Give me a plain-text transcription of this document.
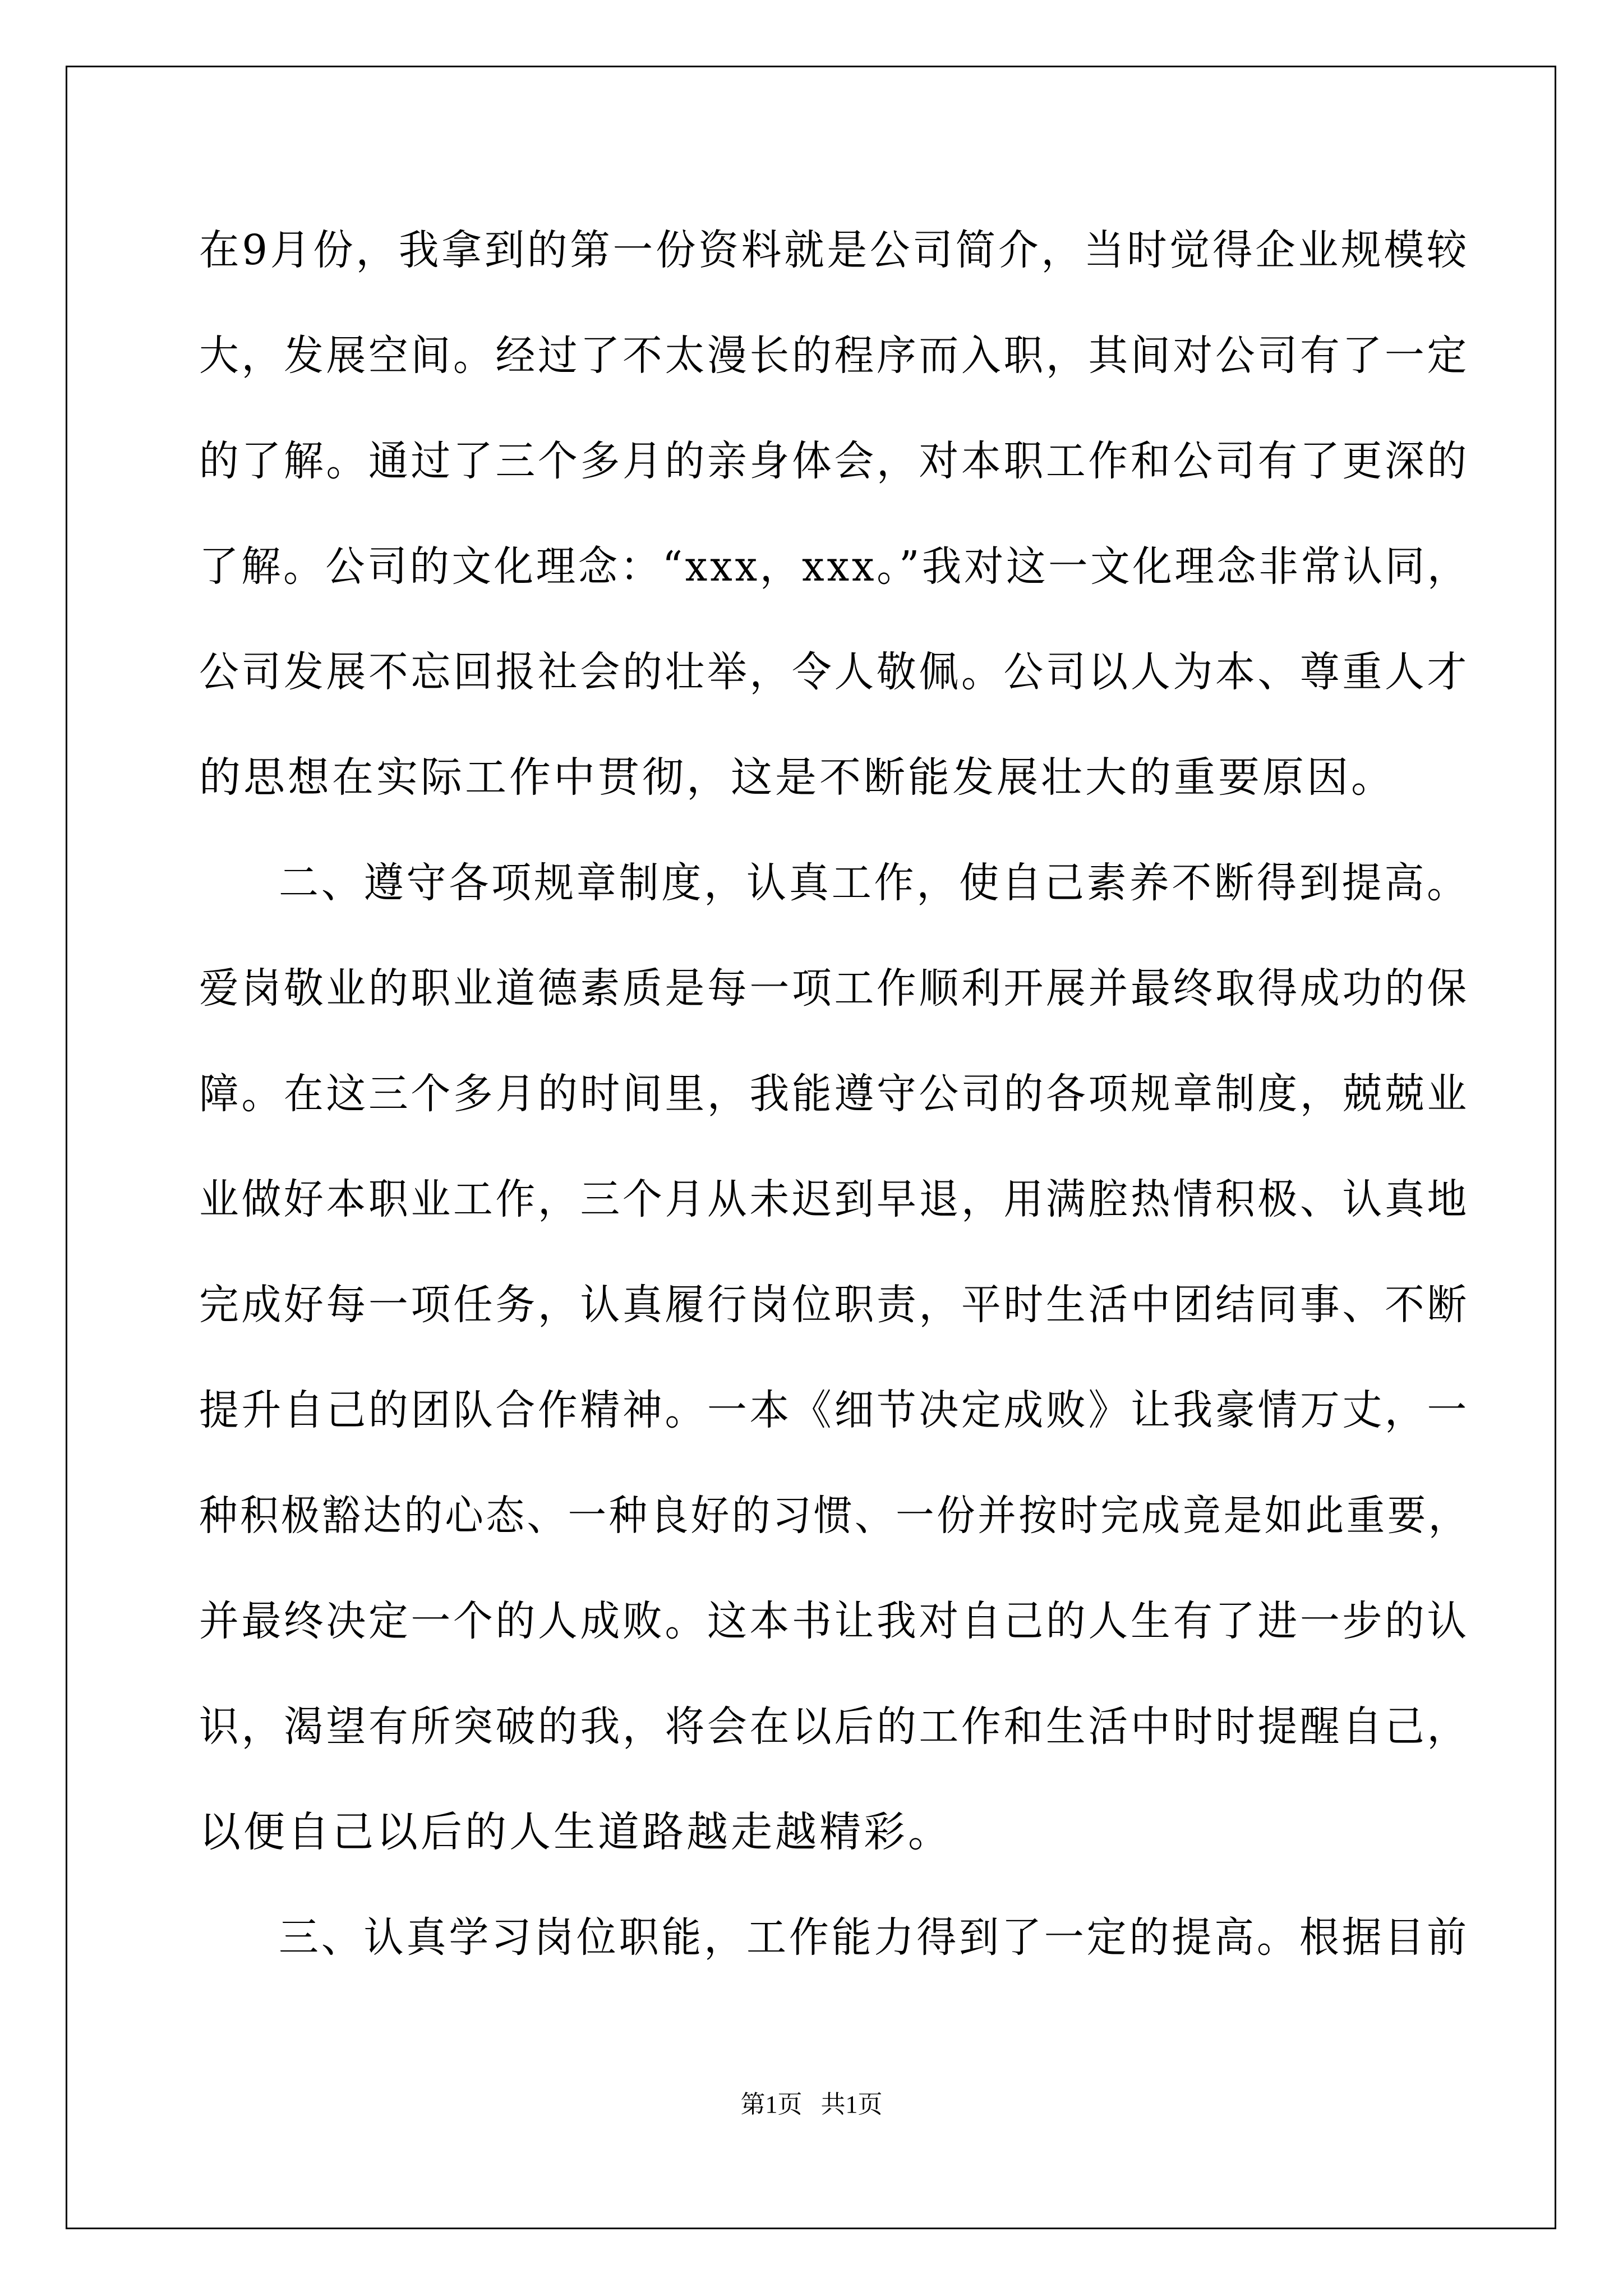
在9月份，我拿到的第一份资料就是公司简介，当时觉得企业规模较
大，发展空间。经过了不太漫长的程序而入职，其间对公司有了一定
的了解。通过了三个多月的亲身体会，对本职工作和公司有了更深的
了解。公司的文化理念：“xxx，xxx。”我对这一文化理念非常认同，
公司发展不忘回报社会的壮举，令人敬佩。公司以人为本、尊重人才
的思想在实际工作中贯彻，这是不断能发展壮大的重要原因。
二、遵守各项规章制度，认真工作，使自己素养不断得到提高。
爱岗敬业的职业道德素质是每一项工作顺利开展并最终取得成功的保
障。在这三个多月的时间里，我能遵守公司的各项规章制度，兢兢业
业做好本职业工作，三个月从未迟到早退，用满腔热情积极、认真地
完成好每一项任务，认真履行岗位职责，平时生活中团结同事、不断
提升自己的团队合作精神。一本《细节决定成败》让我豪情万丈，一
种积极豁达的心态、一种良好的习惯、一份并按时完成竟是如此重要，
并最终决定一个的人成败。这本书让我对自己的人生有了进一步的认
识，渴望有所突破的我，将会在以后的工作和生活中时时提醒自己，
以便自己以后的人生道路越走越精彩。
三、认真学习岗位职能，工作能力得到了一定的提高。根据目前
第1页   共1页
